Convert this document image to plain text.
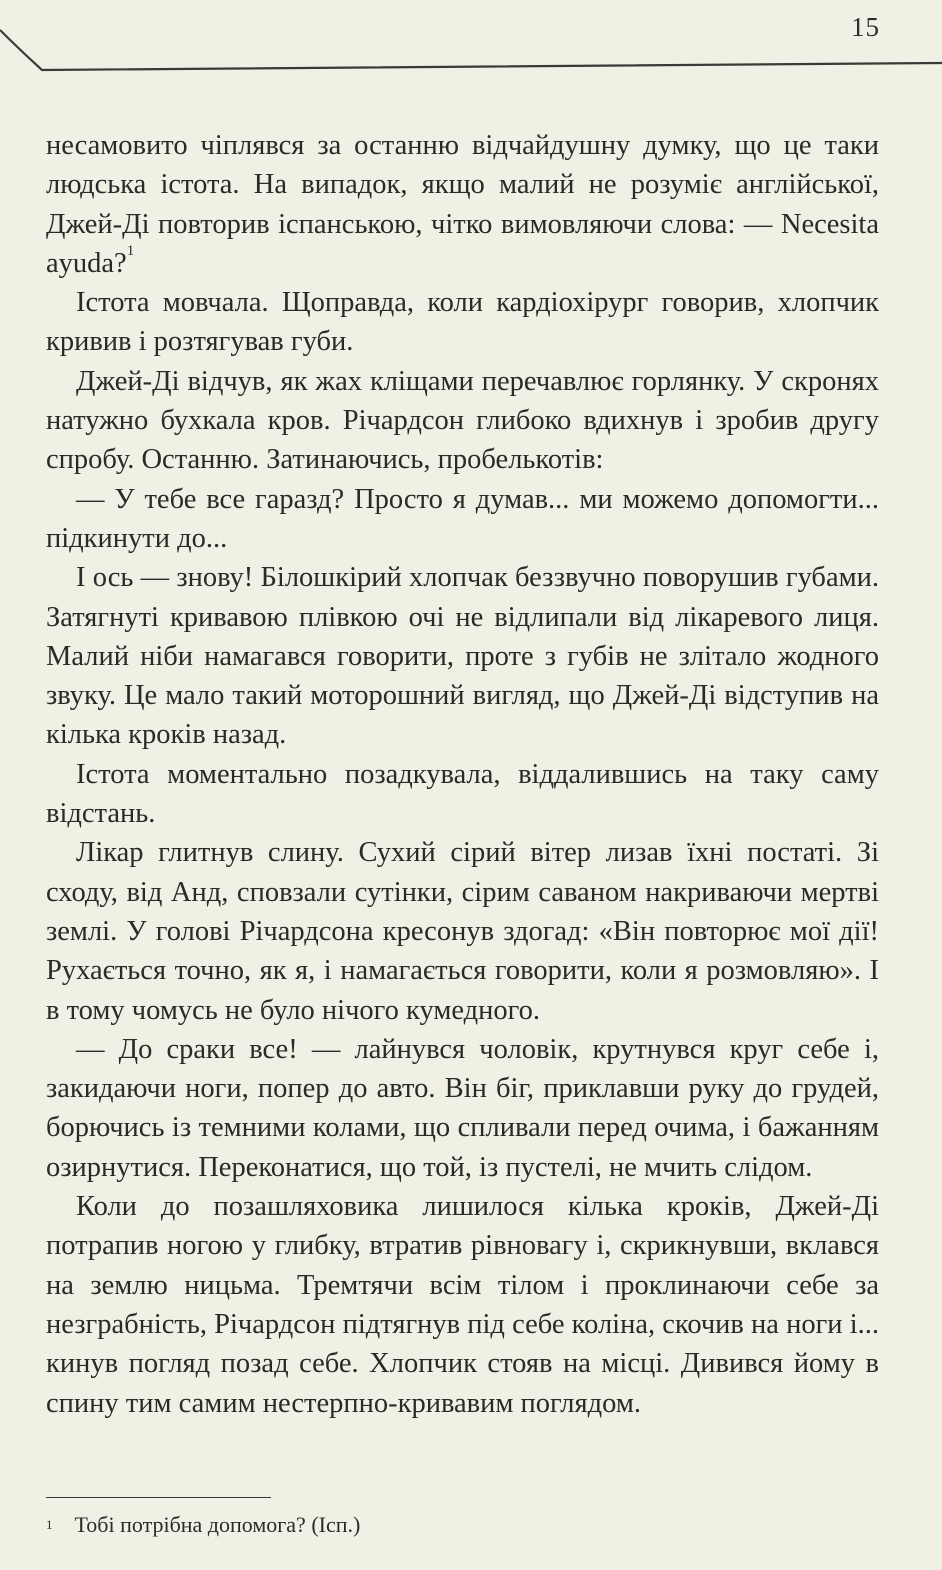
15

несамовито чіплявся за останню відчайдушну думку, що це таки людська істота. На випадок, якщо малий не розуміє англійської, Джей-Ді повторив іспанською, чітко вимовляючи слова: — Necesita ayuda?$^1$

Істота мовчала. Щоправда, коли кардіохірург говорив, хлопчик кривив і розтягував губи.

Джей-Ді відчув, як жах кліщами перечавлює горлянку. У скронях натужно бухкала кров. Річардсон глибоко вдихнув і зробив другу спробу. Останню. Затинаючись, пробелькотів:

— У тебе все гаразд? Просто я думав... ми можемо допомогти... підкинути до...

І ось — знову! Білошкірий хлопчак беззвучно поворушив губами. Затягнуті кривавою плівкою очі не відлипали від лікаревого лиця. Малий ніби намагався говорити, проте з губів не злітало жодного звуку. Це мало такий моторошний вигляд, що Джей-Ді відступив на кілька кроків назад.

Істота моментально позадкувала, віддалившись на таку саму відстань.

Лікар глитнув слину. Сухий сірий вітер лизав їхні постаті. Зі сходу, від Анд, сповзали сутінки, сірим саваном накриваючи мертві землі. У голові Річардсона кресонув здогад: «Він повторює мої дії! Рухається точно, як я, і намагається говорити, коли я розмовляю». І в тому чомусь не було нічого кумедного.

— До сраки все! — лайнувся чоловік, крутнувся круг себе і, закидаючи ноги, попер до авто. Він біг, приклавши руку до грудей, борючись із темними колами, що спливали перед очима, і бажанням озирнутися. Переконатися, що той, із пустелі, не мчить слідом.

Коли до позашляховика лишилося кілька кроків, Джей-Ді потрапив ногою у глибку, втратив рівновагу і, скрикнувши, вклався на землю ницьма. Тремтячи всім тілом і проклинаючи себе за незграбність, Річардсон підтягнув під себе коліна, скочив на ноги і... кинув погляд позад себе. Хлопчик стояв на місці. Дивився йому в спину тим самим нестерпно-кривавим поглядом.

$^1$ Тобі потрібна допомога? (Ісп.)
